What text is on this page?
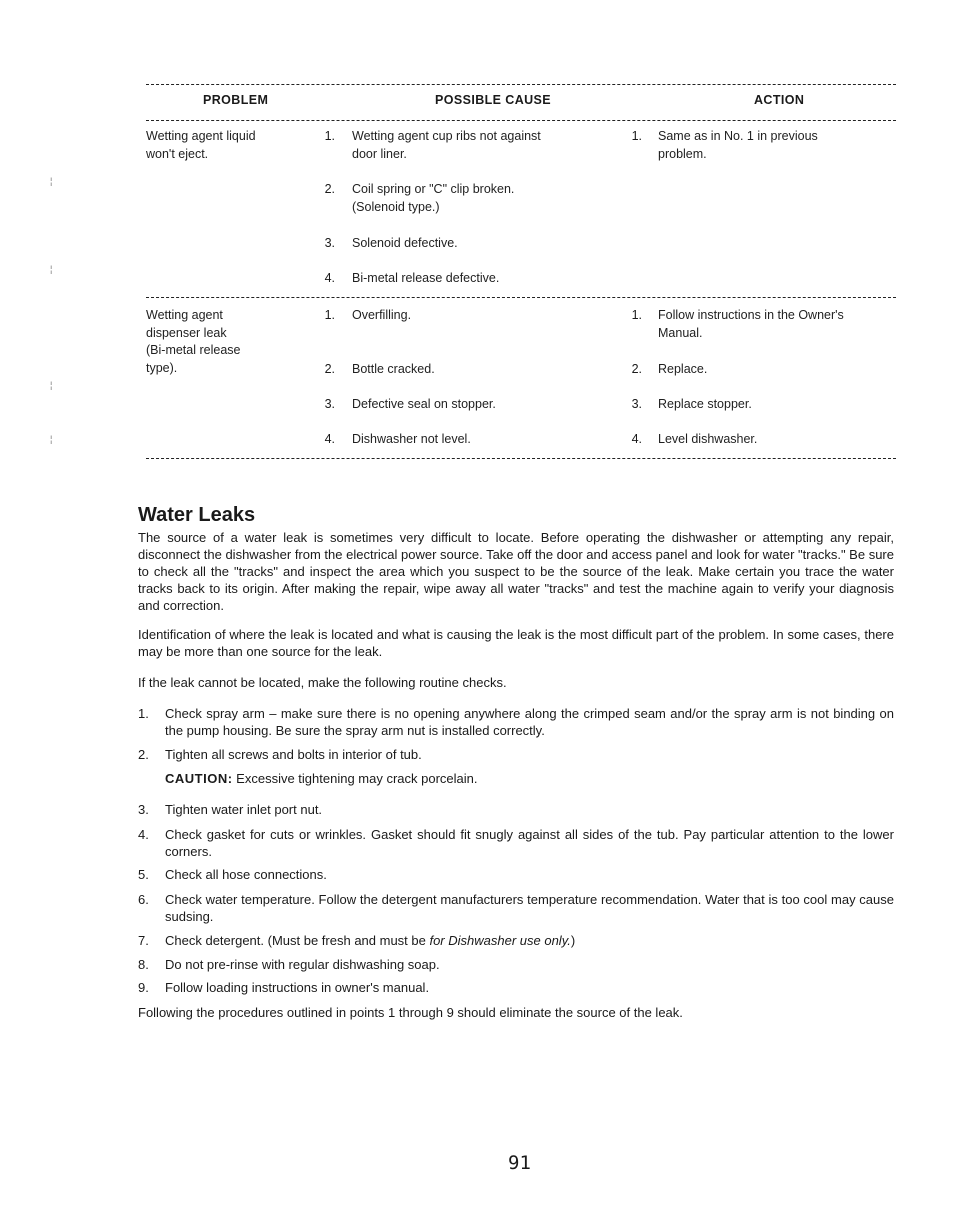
PROBLEM	POSSIBLE CAUSE	ACTION
Wetting agent liquid
won't eject.
1. Wetting agent cup ribs not against
door liner.
2. Coil spring or "C" clip broken.
(Solenoid type.)
3. Solenoid defective.
4. Bi-metal release defective.
1. Same as in No. 1 in previous
problem.
Wetting agent
dispenser leak
(Bi-metal release
type).
1. Overfilling.
2. Bottle cracked.
3. Defective seal on stopper.
4. Dishwasher not level.
1. Follow instructions in the Owner's
Manual.
2. Replace.
3. Replace stopper.
4. Level dishwasher.
¦
¦
¦
¦
Water Leaks
The source of a water leak is sometimes very difficult to locate. Before operating the dishwasher or attempting any repair, disconnect the dishwasher from the electrical power source. Take off the door and access panel and look for water "tracks." Be sure to check all the "tracks" and inspect the area which you suspect to be the source of the leak. Make certain you trace the water tracks back to its origin. After making the repair, wipe away all water "tracks" and test the machine again to verify your diagnosis and correction.
Identification of where the leak is located and what is causing the leak is the most difficult part of the problem. In some cases, there may be more than one source for the leak.
If the leak cannot be located, make the following routine checks.
1. Check spray arm – make sure there is no opening anywhere along the crimped seam and/or the spray arm is not binding on the pump housing. Be sure the spray arm nut is installed correctly.
2. Tighten all screws and bolts in interior of tub.
CAUTION: Excessive tightening may crack porcelain.
3. Tighten water inlet port nut.
4. Check gasket for cuts or wrinkles. Gasket should fit snugly against all sides of the tub. Pay particular attention to the lower corners.
5. Check all hose connections.
6. Check water temperature. Follow the detergent manufacturers temperature recommendation. Water that is too cool may cause sudsing.
7. Check detergent. (Must be fresh and must be for Dishwasher use only.)
8. Do not pre-rinse with regular dishwashing soap.
9. Follow loading instructions in owner's manual.
Following the procedures outlined in points 1 through 9 should eliminate the source of the leak.
91
